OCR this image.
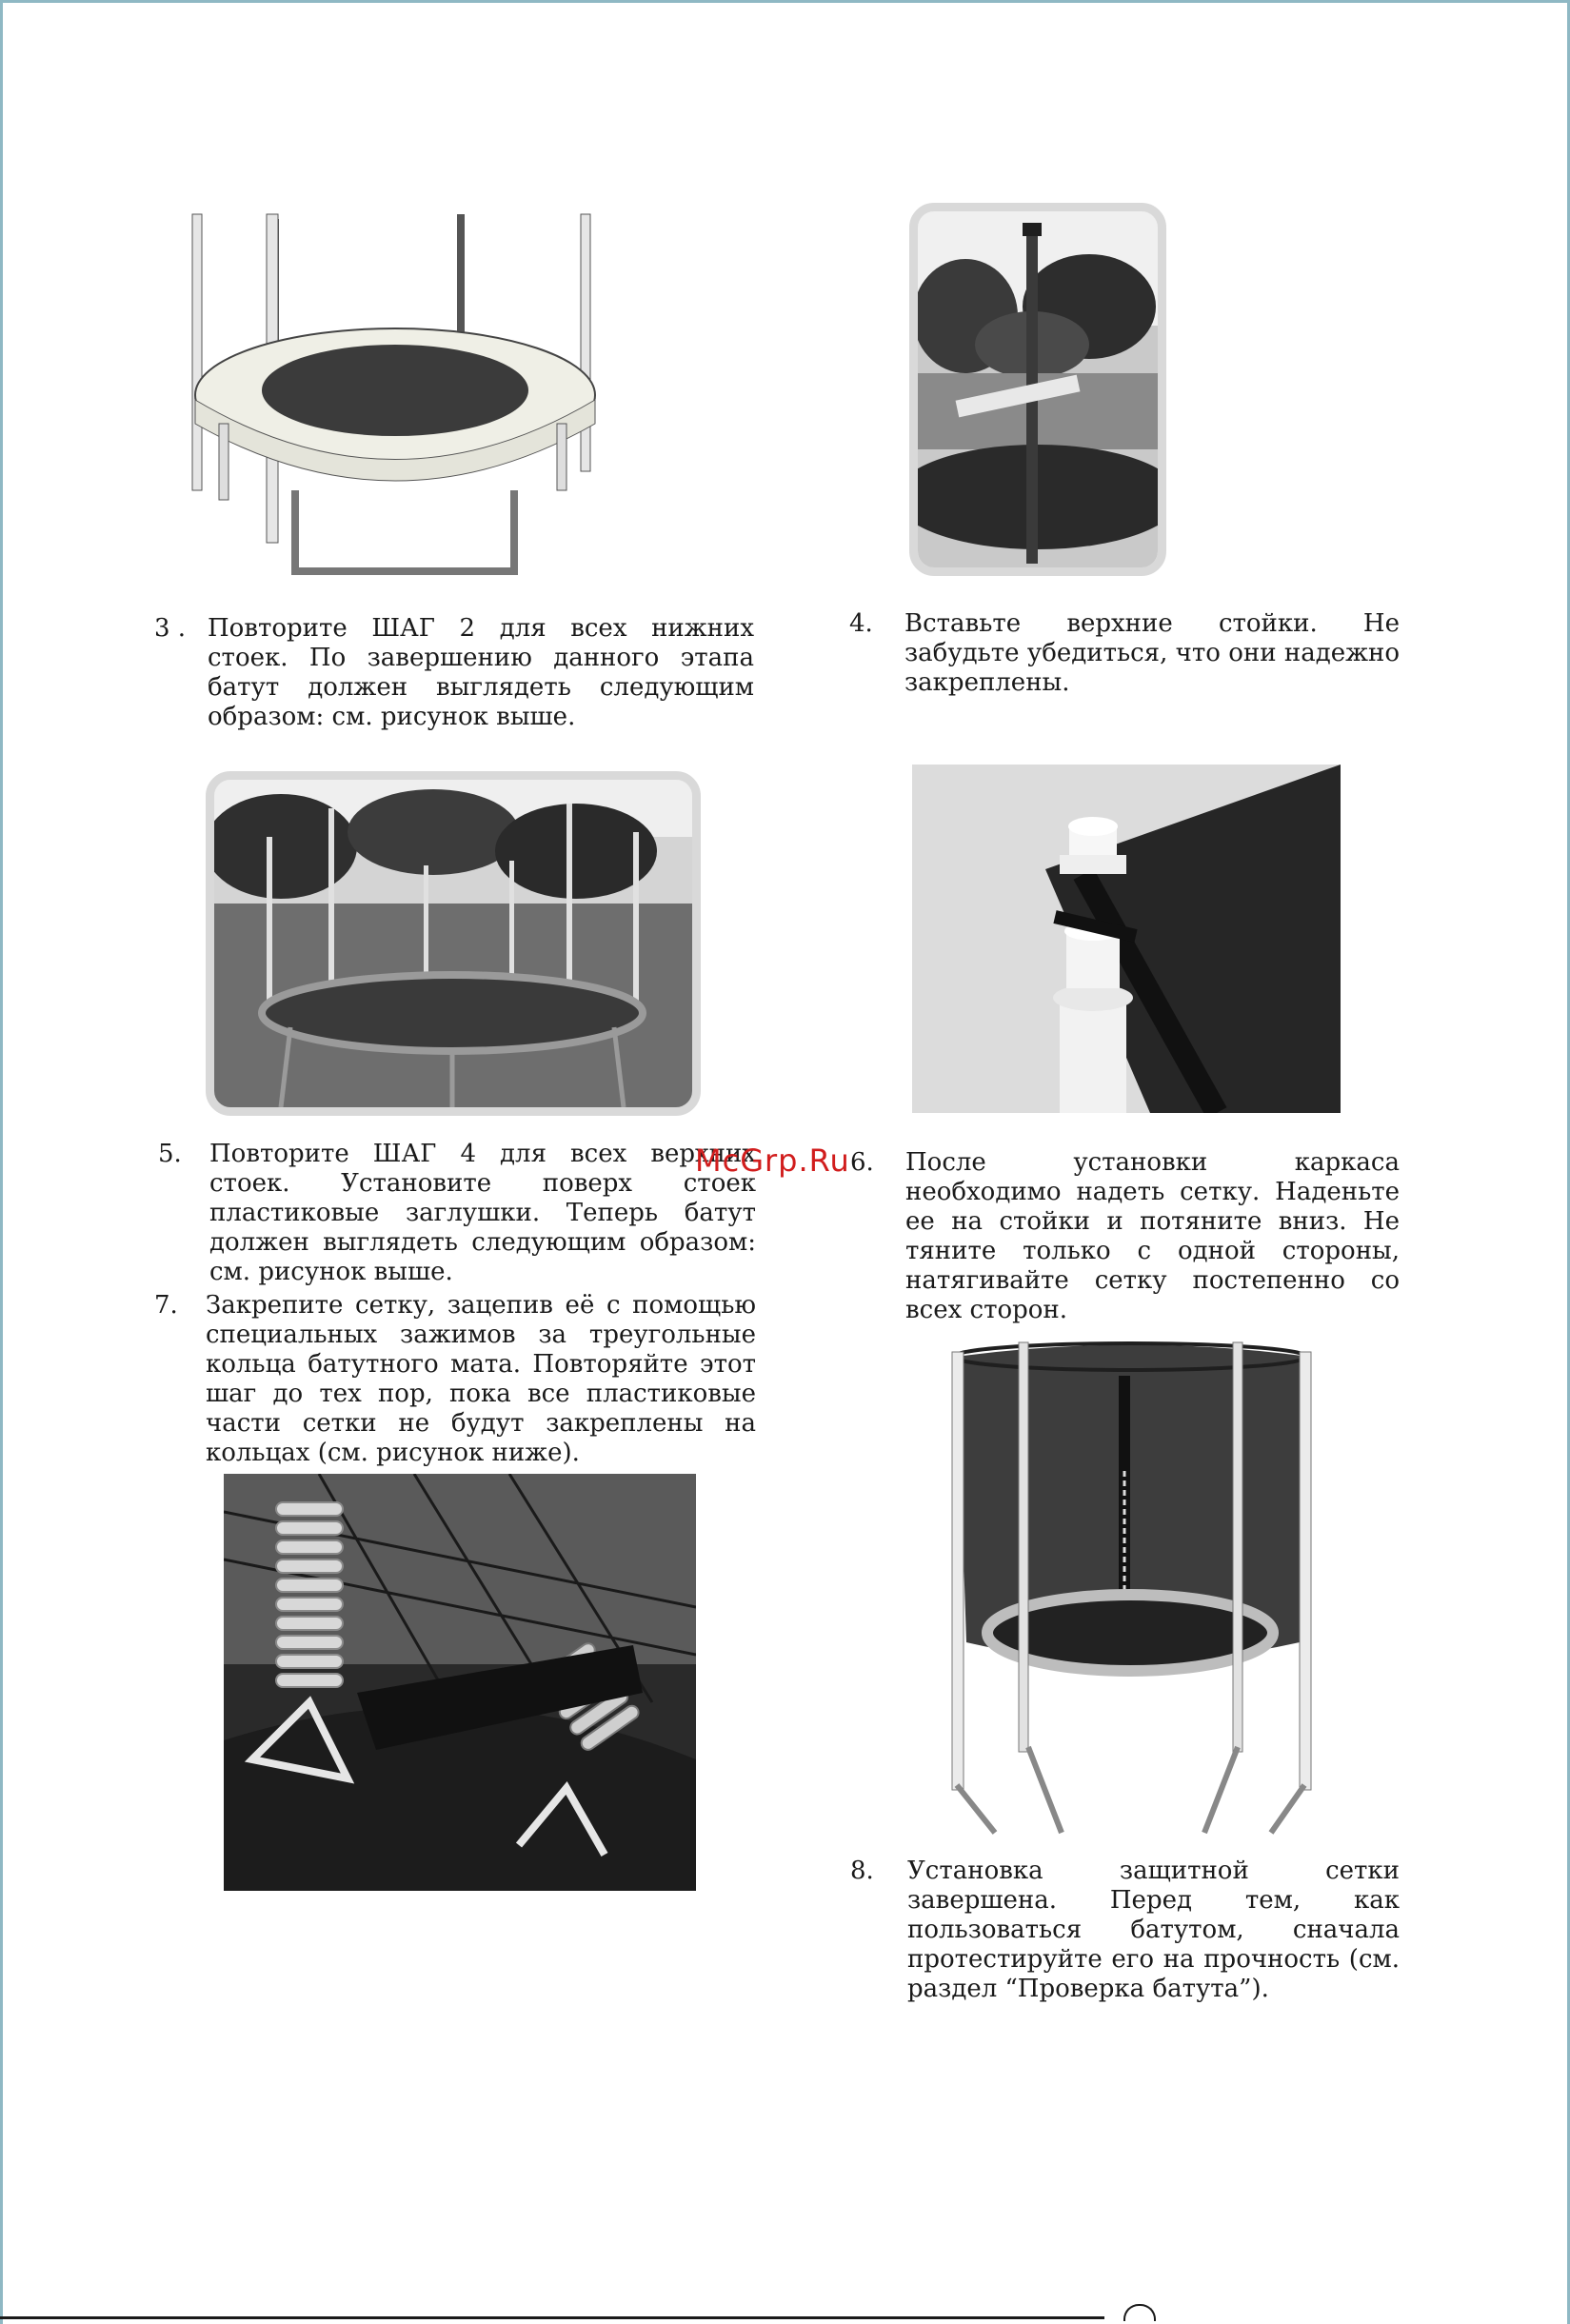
3 . Повторите ШАГ 2 для всех нижних стоек. По завершению данного этапа батут должен выглядеть следующим образом: см. рисунок выше.
4. Вставьте верхние стойки. Не забудьте убедиться, что они надежно закреплены.
5. Повторите ШАГ 4 для всех верхних стоек. Установите поверх стоек пластиковые заглушки. Теперь батут должен выглядеть следующим образом: см. рисунок выше.
6. После установки каркаса необходимо надеть сетку. Наденьте ее на стойки и потяните вниз. Не тяните только с одной стороны, натягивайте сетку постепенно со всех сторон.
McGrp.Ru
7. Закрепите сетку, зацепив её с помощью специальных зажимов за треугольные кольца батутного мата. Повторяйте этот шаг до тех пор, пока все пластиковые части сетки не будут закреплены на кольцах (см. рисунок ниже).
8. Установка защитной сетки завершена. Перед тем, как пользоваться батутом, сначала протестируйте его на прочность (см. раздел “Проверка батута”).
